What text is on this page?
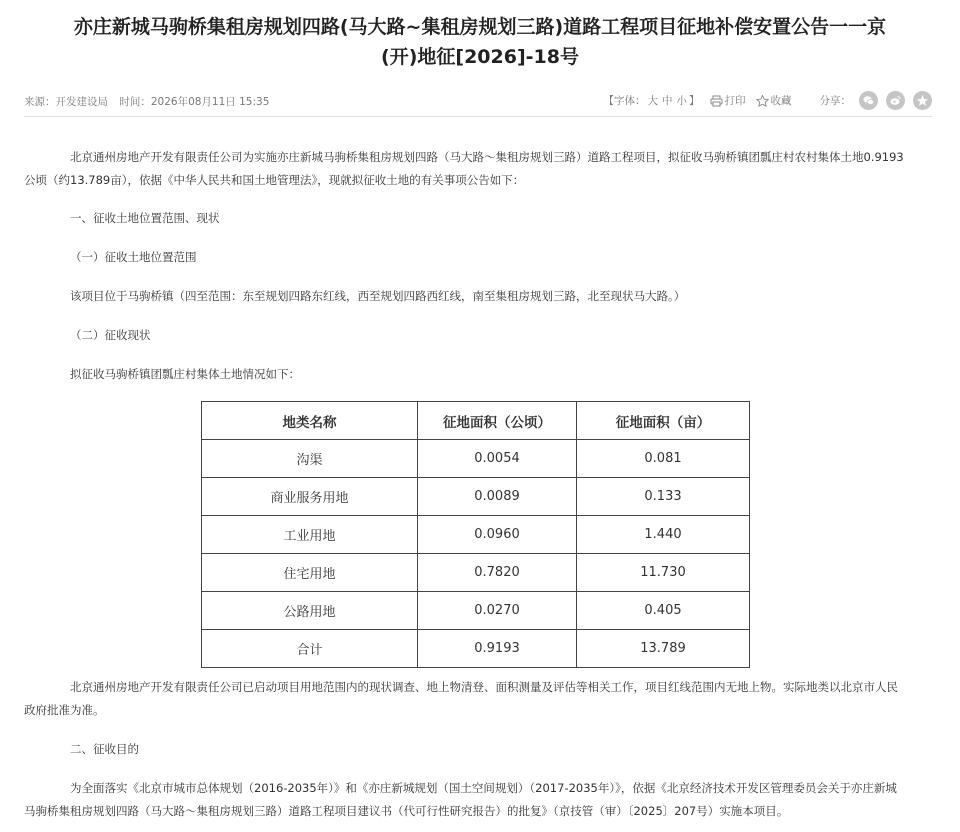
亦庄新城马驹桥集租房规划四路(马大路~集租房规划三路)道路工程项目征地补偿安置公告一一京
(开)地征[2026]-18号
来源：开发建设局 时间：2026年08月11日 15:35	【字体： 大 中 小 】 打印 收藏	分享：

北京通州房地产开发有限责任公司为实施亦庄新城马驹桥集租房规划四路（马大路～集租房规划三路）道路工程项目，拟征收马驹桥镇团瓢庄村农村集体土地0.9193公顷（约13.789亩），依据《中华人民共和国土地管理法》，现就拟征收土地的有关事项公告如下：

一、征收土地位置范围、现状

（一）征收土地位置范围

该项目位于马驹桥镇（四至范围：东至规划四路东红线，西至规划四路西红线，南至集租房规划三路，北至现状马大路。）

（二）征收现状

拟征收马驹桥镇团瓢庄村集体土地情况如下：

地类名称	征地面积（公顷）	征地面积（亩）
沟渠	0.0054	0.081
商业服务用地	0.0089	0.133
工业用地	0.0960	1.440
住宅用地	0.7820	11.730
公路用地	0.0270	0.405
合计	0.9193	13.789

北京通州房地产开发有限责任公司已启动项目用地范围内的现状调查、地上物清登、面积测量及评估等相关工作，项目红线范围内无地上物。实际地类以北京市人民政府批准为准。

二、征收目的

为全面落实《北京市城市总体规划（2016-2035年）》和《亦庄新城规划（国土空间规划）（2017-2035年）》，依据《北京经济技术开发区管理委员会关于亦庄新城马驹桥集租房规划四路（马大路～集租房规划三路）道路工程项目建议书（代可行性研究报告）的批复》（京技管（审）〔2025〕207号）实施本项目。
